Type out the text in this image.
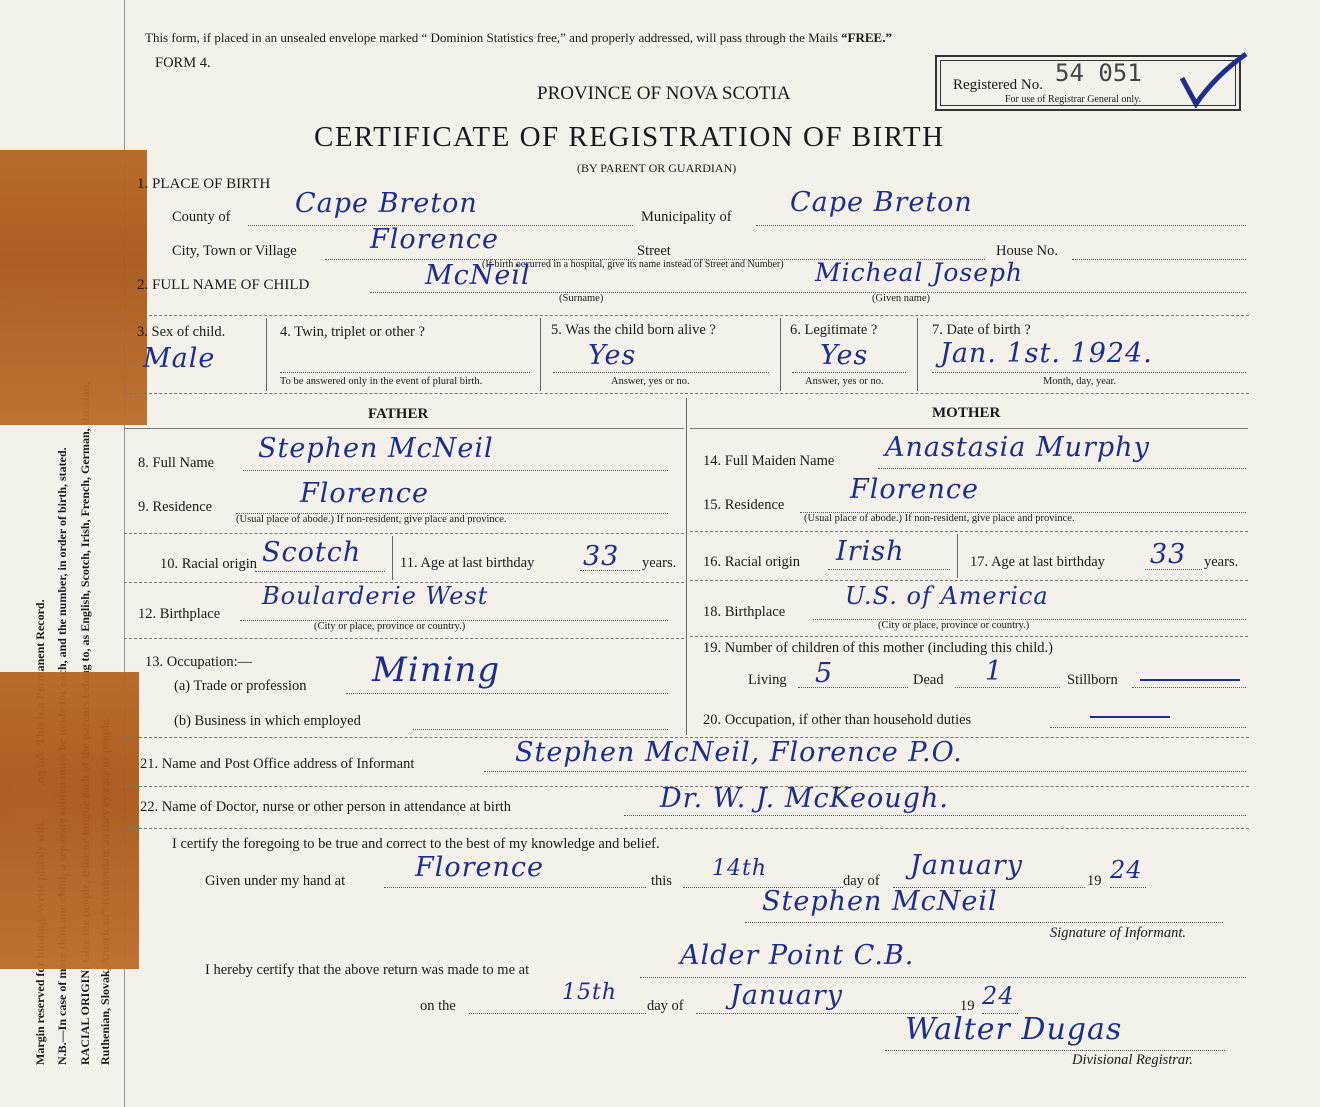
This form, if placed in an unsealed envelope marked “ Dominion Statistics free,” and properly addressed, will pass through the Mails “FREE.”
FORM 4.
PROVINCE OF NOVA SCOTIA
CERTIFICATE OF REGISTRATION OF BIRTH
(BY PARENT OR GUARDIAN)
Registered No. 54 051
For use of Registrar General only.
1. PLACE OF BIRTH
Cape Breton
County of	Municipality of Cape Breton
City, Town or Village	Florence	Street	House No.
(If birth occurred in a hospital, give its name instead of Street and Number)
2. FULL NAME OF CHILD	McNeil	Micheal Joseph
(Surname)	(Given name)
3. Sex of child.
Male
4. Twin, triplet or other ?
To be answered only in the event of plural birth.
5. Was the child born alive ?
Yes
Answer, yes or no.
6. Legitimate ?
Yes
Answer, yes or no.
7. Date of birth ?
Jan. 1st. 1924.
Month, day, year.
FATHER	MOTHER
8. Full Name Stephen McNeil
9. Residence	Florence
(Usual place of abode.) If non-resident, give place and province.
10. Racial origin Scotch	11. Age at last birthday 33 years.
12. Birthplace
Boularderie West
(City or place, province or country.)
13. Occupation:—
(a) Trade or profession Mining
(b) Business in which employed
14. Full Maiden Name Anastasia Murphy
15. Residence Florence
(Usual place of abode.) If non-resident, give place and province.
16. Racial origin Irish	17. Age at last birthday 33 years.
18. Birthplace
U.S. of America
(City or place, province or country.)
19. Number of children of this mother (including this child.)
Living 5	Dead 1	Stillborn
20. Occupation, if other than household duties
21. Name and Post Office address of Informant	Stephen McNeil, Florence P.O.
22. Name of Doctor, nurse or other person in attendance at birth	Dr. W. J. McKeough.
I certify the foregoing to be true and correct to the best of my knowledge and belief.
Given under my hand at	Florence	this 14th	day of January	19 24
Stephen McNeil
Signature of Informant.
I hereby certify that the above return was made to me at	Alder Point C.B.
on the
15th
day of January	19 24
Walter Dugas
Divisional Registrar.
